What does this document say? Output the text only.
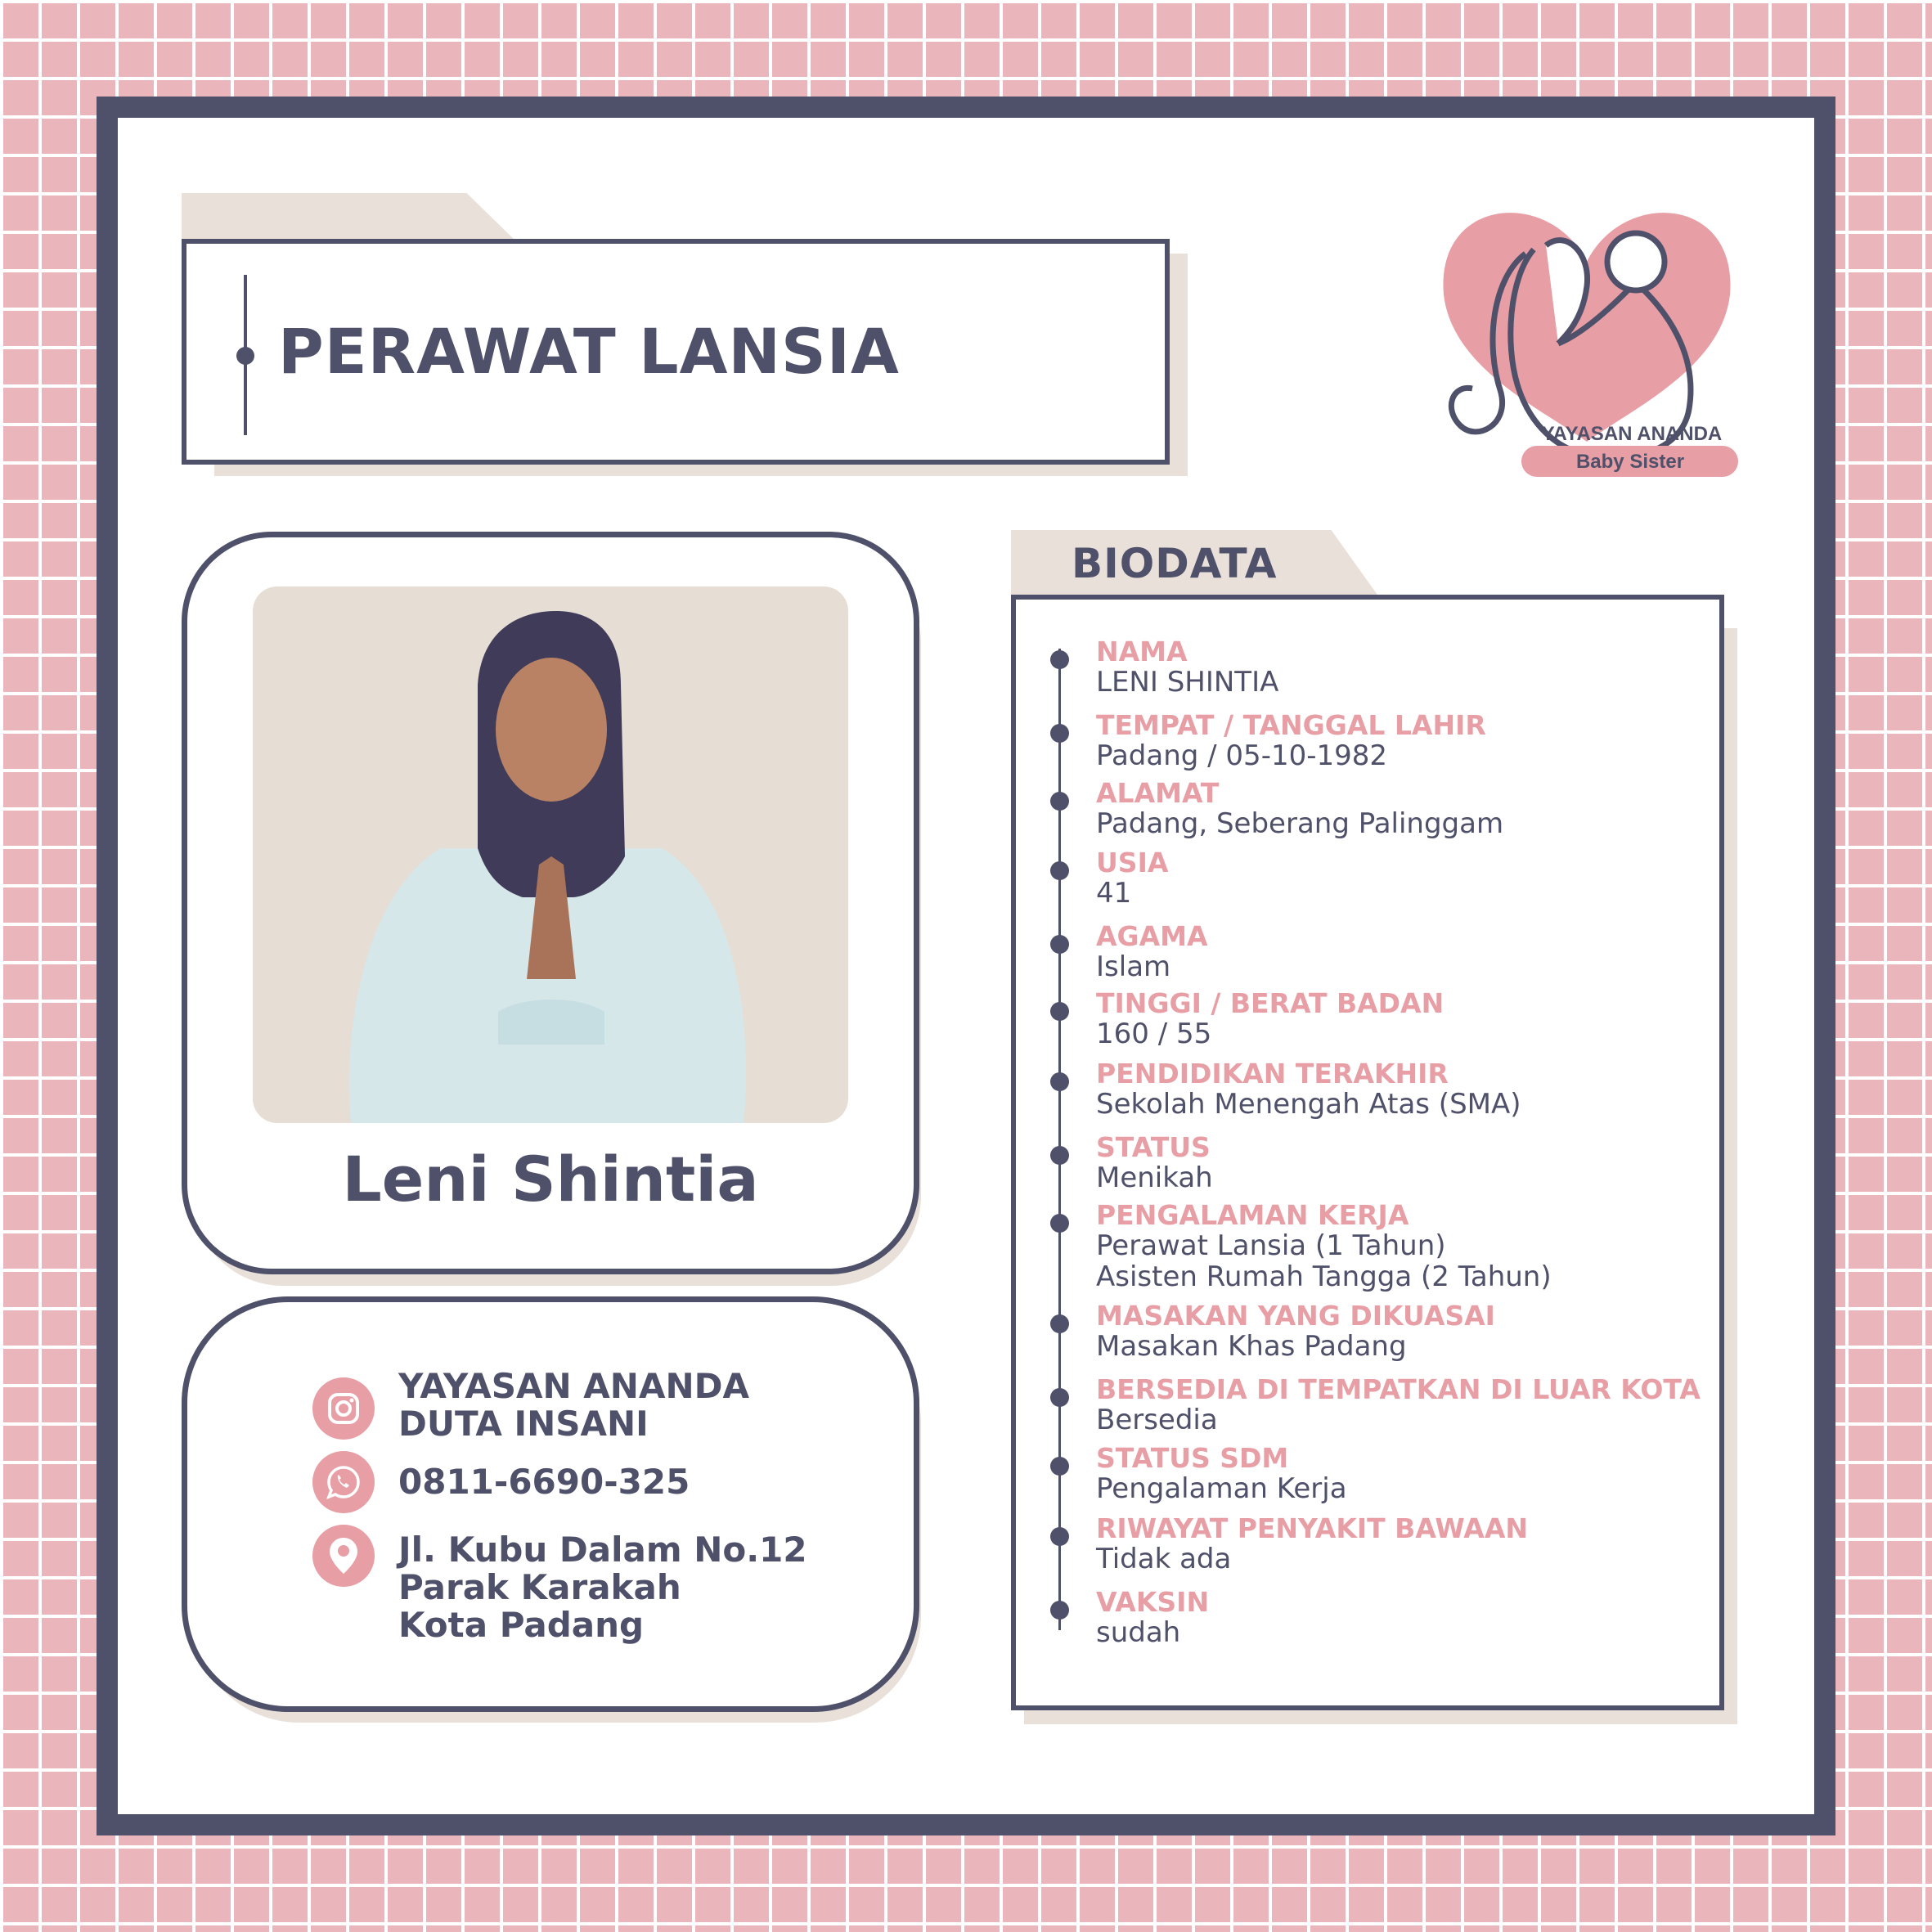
PERAWAT LANSIA
YAYASAN ANANDA
Baby Sister
Leni Shintia
YAYASAN ANANDA
DUTA INSANI
0811-6690-325
Jl. Kubu Dalam No.12
Parak Karakah
Kota Padang
BIODATA
NAMA
LENI SHINTIA
TEMPAT / TANGGAL LAHIR
Padang / 05-10-1982
ALAMAT
Padang, Seberang Palinggam
USIA
41
AGAMA
Islam
TINGGI / BERAT BADAN
160 / 55
PENDIDIKAN TERAKHIR
Sekolah Menengah Atas (SMA)
STATUS
Menikah
PENGALAMAN KERJA
Perawat Lansia (1 Tahun)
Asisten Rumah Tangga (2 Tahun)
MASAKAN YANG DIKUASAI
Masakan Khas Padang
BERSEDIA DI TEMPATKAN DI LUAR KOTA
Bersedia
STATUS SDM
Pengalaman Kerja
RIWAYAT PENYAKIT BAWAAN
Tidak ada
VAKSIN
sudah
